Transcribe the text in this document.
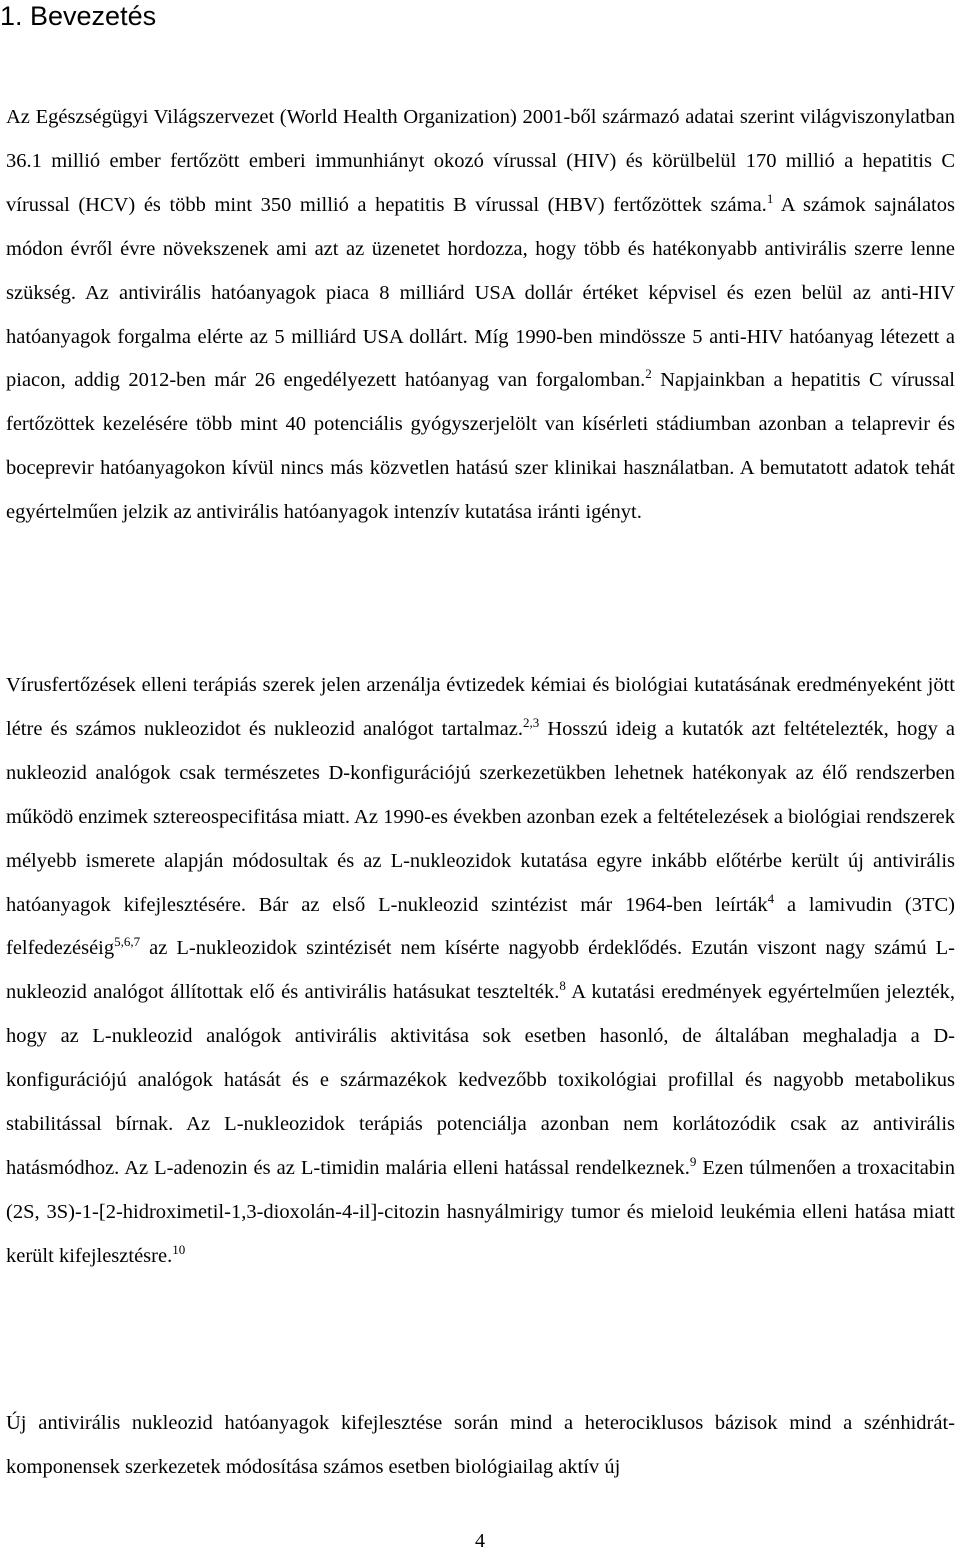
1. Bevezetés

Az Egészségügyi Világszervezet (World Health Organization) 2001-ből származó adatai szerint világviszonylatban 36.1 millió ember fertőzött emberi immunhiányt okozó vírussal (HIV) és körülbelül 170 millió a hepatitis C vírussal (HCV) és több mint 350 millió a hepatitis B vírussal (HBV) fertőzöttek száma.$^1$ A számok sajnálatos módon évről évre növekszenek ami azt az üzenetet hordozza, hogy több és hatékonyabb antivirális szerre lenne szükség. Az antivirális hatóanyagok piaca 8 milliárd USA dollár értéket képvisel és ezen belül az anti-HIV hatóanyagok forgalma elérte az 5 milliárd USA dollárt. Míg 1990-ben mindössze 5 anti-HIV hatóanyag létezett a piacon, addig 2012-ben már 26 engedélyezett hatóanyag van forgalomban.$^2$ Napjainkban a hepatitis C vírussal fertőzöttek kezelésére több mint 40 potenciális gyógyszerjelölt van kísérleti stádiumban azonban a telaprevir és boceprevir hatóanyagokon kívül nincs más közvetlen hatású szer klinikai használatban. A bemutatott adatok tehát egyértelműen jelzik az antivirális hatóanyagok intenzív kutatása iránti igényt.

Vírusfertőzések elleni terápiás szerek jelen arzenálja évtizedek kémiai és biológiai kutatásának eredményeként jött létre és számos nukleozidot és nukleozid analógot tartalmaz.$^{2,3}$ Hosszú ideig a kutatók azt feltételezték, hogy a nukleozid analógok csak természetes D-konfigurációjú szerkezetükben lehetnek hatékonyak az élő rendszerben működö enzimek sztereospecifitása miatt. Az 1990-es években azonban ezek a feltételezések a biológiai rendszerek mélyebb ismerete alapján módosultak és az L-nukleozidok kutatása egyre inkább előtérbe került új antivirális hatóanyagok kifejlesztésére. Bár az első L-nukleozid szintézist már 1964-ben leírták$^4$ a lamivudin (3TC) felfedezéséig$^{5,6,7}$ az L-nukleozidok szintézisét nem kísérte nagyobb érdeklődés. Ezután viszont nagy számú L-nukleozid analógot állítottak elő és antivirális hatásukat tesztelték.$^8$ A kutatási eredmények egyértelműen jelezték, hogy az L-nukleozid analógok antivirális aktivitása sok esetben hasonló, de általában meghaladja a D-konfigurációjú analógok hatását és e származékok kedvezőbb toxikológiai profillal és nagyobb metabolikus stabilitással bírnak. Az L-nukleozidok terápiás potenciálja azonban nem korlátozódik csak az antivirális hatásmódhoz. Az L-adenozin és az L-timidin malária elleni hatással rendelkeznek.$^9$ Ezen túlmenően a troxacitabin (2S, 3S)-1-[2-hidroximetil-1,3-dioxolán-4-il]-citozin hasnyálmirigy tumor és mieloid leukémia elleni hatása miatt került kifejlesztésre.$^{10}$

Új antivirális nukleozid hatóanyagok kifejlesztése során mind a heterociklusos bázisok mind a szénhidrát-komponensek szerkezetek módosítása számos esetben biológiailag aktív új

4
